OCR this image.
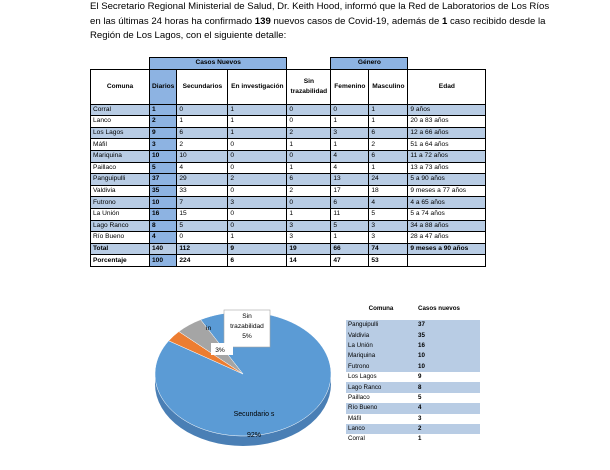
El Secretario Regional Ministerial de Salud, Dr. Keith Hood, informó que la Red de Laboratorios de Los Ríos en las últimas 24 horas ha confirmado 139 nuevos casos de Covid-19, además de 1 caso recibido desde la Región de Los Lagos, con el siguiente detalle:
	Casos Nuevos				Género		
Comuna	Diarios	Secundarios	En investigación	Sin trazabilidad	Femenino	Masculino	Edad
Corral	1	0	1	0	0	1	9 años
Lanco	2	1	1	0	1	1	20 a 83 años
Los Lagos	9	6	1	2	3	6	12 a 66 años
Máfil	3	2	0	1	1	2	51 a 64 años
Mariquina	10	10	0	0	4	6	11 a 72 años
Paillaco	5	4	0	1	4	1	13 a 73 años
Panguipulli	37	29	2	6	13	24	5 a 90 años
Valdivia	35	33	0	2	17	18	9 meses a 77 años
Futrono	10	7	3	0	6	4	4 a 65 años
La Unión	16	15	0	1	11	5	5 a 74 años
Lago Ranco	8	5	0	3	5	3	34 a 88 años
Río Bueno	4	0	1	3	1	3	28 a 47 años
Total	140	112	9	19	66	74	9 meses a 90 años
Porcentaje	100	224	6	14	47	53	
Secundario s
92%
Sin
trazabilidad
5%
in
3%
Comuna	Casos nuevos
Panguipulli	37
Valdivia	35
La Unión	16
Mariquina	10
Futrono	10
Los Lagos	9
Lago Ranco	8
Paillaco	5
Río Bueno	4
Máfil	3
Lanco	2
Corral	1
